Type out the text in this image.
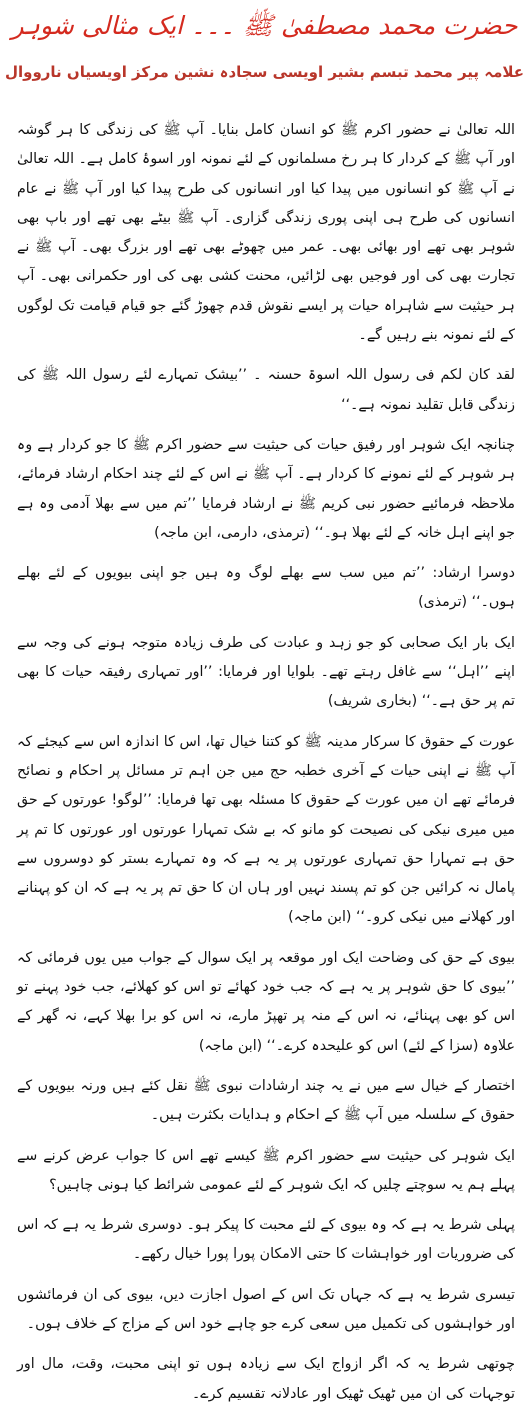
حضرت محمد مصطفیٰ ﷺ ۔۔۔ ایک مثالی شوہر
علامہ پیر محمد تبسم بشیر اویسی سجادہ نشین مرکز اویسیاں نارووال

اللہ تعالیٰ نے حضور اکرم ﷺ کو انسان کامل بنایا۔ آپ ﷺ کی زندگی کا ہر گوشہ اور آپ ﷺ کے کردار کا ہر رخ مسلمانوں کے لئے نمونہ اور اسوۂ کامل ہے۔ اللہ تعالیٰ نے آپ ﷺ کو انسانوں میں پیدا کیا اور انسانوں کی طرح پیدا کیا اور آپ ﷺ نے عام انسانوں کی طرح ہی اپنی پوری زندگی گزاری۔ آپ ﷺ بیٹے بھی تھے اور باپ بھی شوہر بھی تھے اور بھائی بھی۔ عمر میں چھوٹے بھی تھے اور بزرگ بھی۔ آپ ﷺ نے تجارت بھی کی اور فوجیں بھی لڑائیں، محنت کشی بھی کی اور حکمرانی بھی۔ آپ ہر حیثیت سے شاہراہ حیات پر ایسے نقوش قدم چھوڑ گئے جو قیام قیامت تک لوگوں کے لئے نمونہ بنے رہیں گے۔

لقد کان لکم فی رسول اللہ اسوۃ حسنہ ۔ ’’بیشک تمہارے لئے رسول اللہ ﷺ کی زندگی قابل تقلید نمونہ ہے۔‘‘

چنانچہ ایک شوہر اور رفیق حیات کی حیثیت سے حضور اکرم ﷺ کا جو کردار ہے وہ ہر شوہر کے لئے نمونے کا کردار ہے۔ آپ ﷺ نے اس کے لئے چند احکام ارشاد فرمائے، ملاحظہ فرمائیے حضور نبی کریم ﷺ نے ارشاد فرمایا ’’تم میں سے بھلا آدمی وہ ہے جو اپنے اہل خانہ کے لئے بھلا ہو۔‘‘ (ترمذی، دارمی، ابن ماجہ)

دوسرا ارشاد: ’’تم میں سب سے بھلے لوگ وہ ہیں جو اپنی بیویوں کے لئے بھلے ہوں۔‘‘ (ترمذی)

ایک بار ایک صحابی کو جو زہد و عبادت کی طرف زیادہ متوجہ ہونے کی وجہ سے اپنے ’’اہل‘‘ سے غافل رہتے تھے۔ بلوایا اور فرمایا: ’’اور تمہاری رفیقہ حیات کا بھی تم پر حق ہے۔‘‘ (بخاری شریف)

عورت کے حقوق کا سرکار مدینہ ﷺ کو کتنا خیال تھا، اس کا اندازہ اس سے کیجئے کہ آپ ﷺ نے اپنی حیات کے آخری خطبہ حج میں جن اہم تر مسائل پر احکام و نصائح فرمائے تھے ان میں عورت کے حقوق کا مسئلہ بھی تھا فرمایا: ’’لوگو! عورتوں کے حق میں میری نیکی کی نصیحت کو مانو کہ بے شک تمہارا عورتوں اور عورتوں کا تم پر حق ہے تمہارا حق تمہاری عورتوں پر یہ ہے کہ وہ تمہارے بستر کو دوسروں سے پامال نہ کرائیں جن کو تم پسند نہیں اور ہاں ان کا حق تم پر یہ ہے کہ ان کو پہنانے اور کھلانے میں نیکی کرو۔‘‘ (ابن ماجہ)

بیوی کے حق کی وضاحت ایک اور موقعہ پر ایک سوال کے جواب میں یوں فرمائی کہ ’’بیوی کا حق شوہر پر یہ ہے کہ جب خود کھائے تو اس کو کھلائے، جب خود پہنے تو اس کو بھی پہنائے، نہ اس کے منہ پر تھپڑ مارے، نہ اس کو برا بھلا کہے، نہ گھر کے علاوہ (سزا کے لئے) اس کو علیحدہ کرے۔‘‘ (ابن ماجہ)

اختصار کے خیال سے میں نے یہ چند ارشادات نبوی ﷺ نقل کئے ہیں ورنہ بیویوں کے حقوق کے سلسلہ میں آپ ﷺ کے احکام و ہدایات بکثرت ہیں۔

ایک شوہر کی حیثیت سے حضور اکرم ﷺ کیسے تھے اس کا جواب عرض کرنے سے پہلے ہم یہ سوچتے چلیں کہ ایک شوہر کے لئے عمومی شرائط کیا ہونی چاہیں؟

پہلی شرط یہ ہے کہ وہ بیوی کے لئے محبت کا پیکر ہو۔ دوسری شرط یہ ہے کہ اس کی ضروریات اور خواہشات کا حتی الامکان پورا پورا خیال رکھے۔

تیسری شرط یہ ہے کہ جہاں تک اس کے اصول اجازت دیں، بیوی کی ان فرمائشوں اور خواہشوں کی تکمیل میں سعی کرے جو چاہے خود اس کے مزاج کے خلاف ہوں۔

چوتھی شرط یہ کہ اگر ازواج ایک سے زیادہ ہوں تو اپنی محبت، وقت، مال اور توجہات کی ان میں ٹھیک ٹھیک اور عادلانہ تقسیم کرے۔
